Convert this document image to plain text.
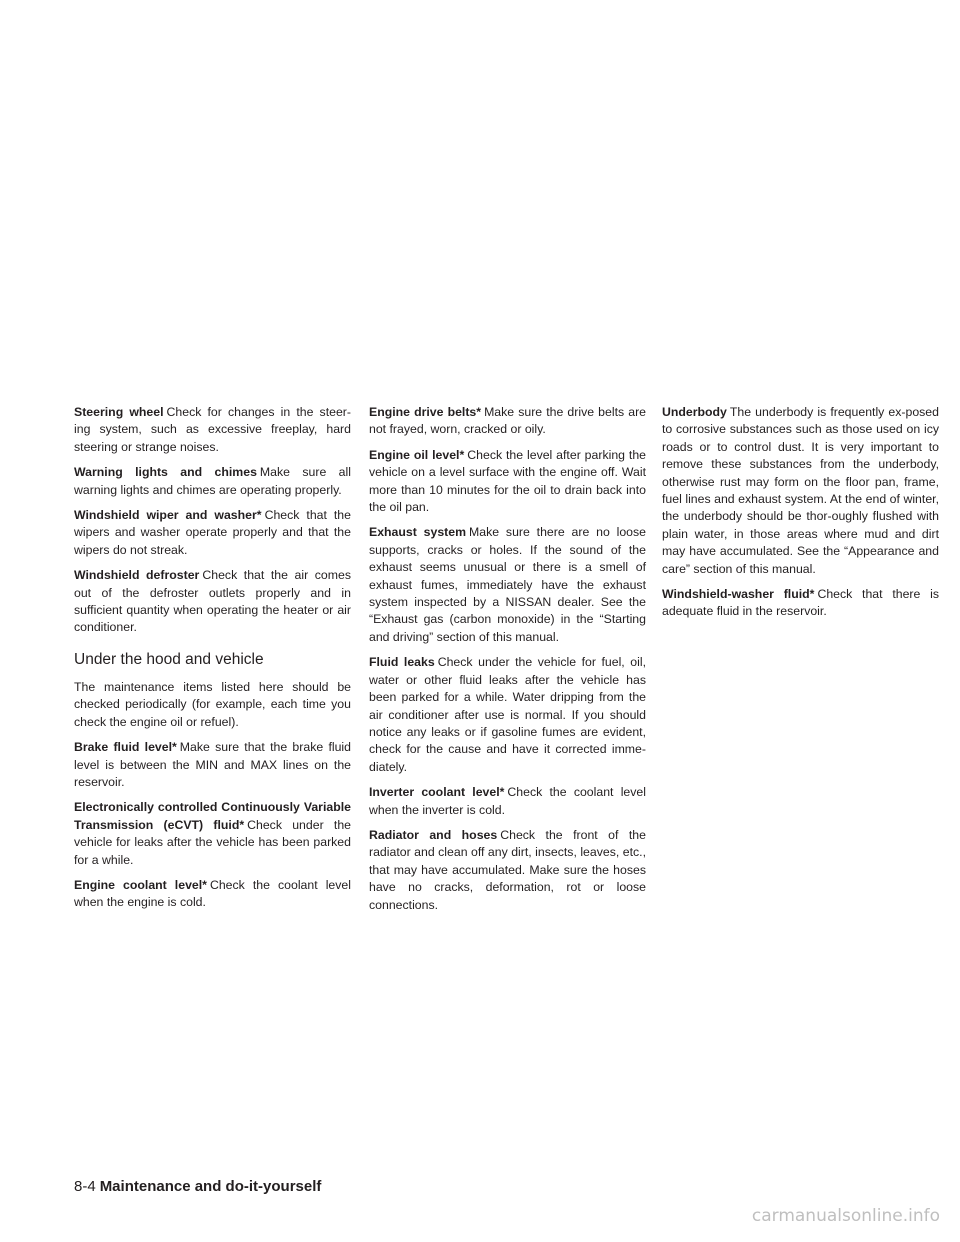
Steering wheel Check for changes in the steer-ing system, such as excessive freeplay, hard steering or strange noises.

Warning lights and chimes Make sure all warning lights and chimes are operating properly.

Windshield wiper and washer* Check that the wipers and washer operate properly and that the wipers do not streak.

Windshield defroster Check that the air comes out of the defroster outlets properly and in sufficient quantity when operating the heater or air conditioner.

Under the hood and vehicle

The maintenance items listed here should be checked periodically (for example, each time you check the engine oil or refuel).

Brake fluid level* Make sure that the brake fluid level is between the MIN and MAX lines on the reservoir.

Electronically controlled Continuously Variable Transmission (eCVT) fluid* Check under the vehicle for leaks after the vehicle has been parked for a while.

Engine coolant level* Check the coolant level when the engine is cold.

Engine drive belts* Make sure the drive belts are not frayed, worn, cracked or oily.

Engine oil level* Check the level after parking the vehicle on a level surface with the engine off. Wait more than 10 minutes for the oil to drain back into the oil pan.

Exhaust system Make sure there are no loose supports, cracks or holes. If the sound of the exhaust seems unusual or there is a smell of exhaust fumes, immediately have the exhaust system inspected by a NISSAN dealer. See the “Exhaust gas (carbon monoxide) in the “Starting and driving” section of this manual.

Fluid leaks Check under the vehicle for fuel, oil, water or other fluid leaks after the vehicle has been parked for a while. Water dripping from the air conditioner after use is normal. If you should notice any leaks or if gasoline fumes are evident, check for the cause and have it corrected imme-diately.

Inverter coolant level* Check the coolant level when the inverter is cold.

Radiator and hoses Check the front of the radiator and clean off any dirt, insects, leaves, etc., that may have accumulated. Make sure the hoses have no cracks, deformation, rot or loose connections.

Underbody The underbody is frequently ex-posed to corrosive substances such as those used on icy roads or to control dust. It is very important to remove these substances from the underbody, otherwise rust may form on the floor pan, frame, fuel lines and exhaust system. At the end of winter, the underbody should be thor-oughly flushed with plain water, in those areas where mud and dirt may have accumulated. See the “Appearance and care” section of this manual.

Windshield-washer fluid* Check that there is adequate fluid in the reservoir.

8-4 Maintenance and do-it-yourself
carmanualsonline.info
